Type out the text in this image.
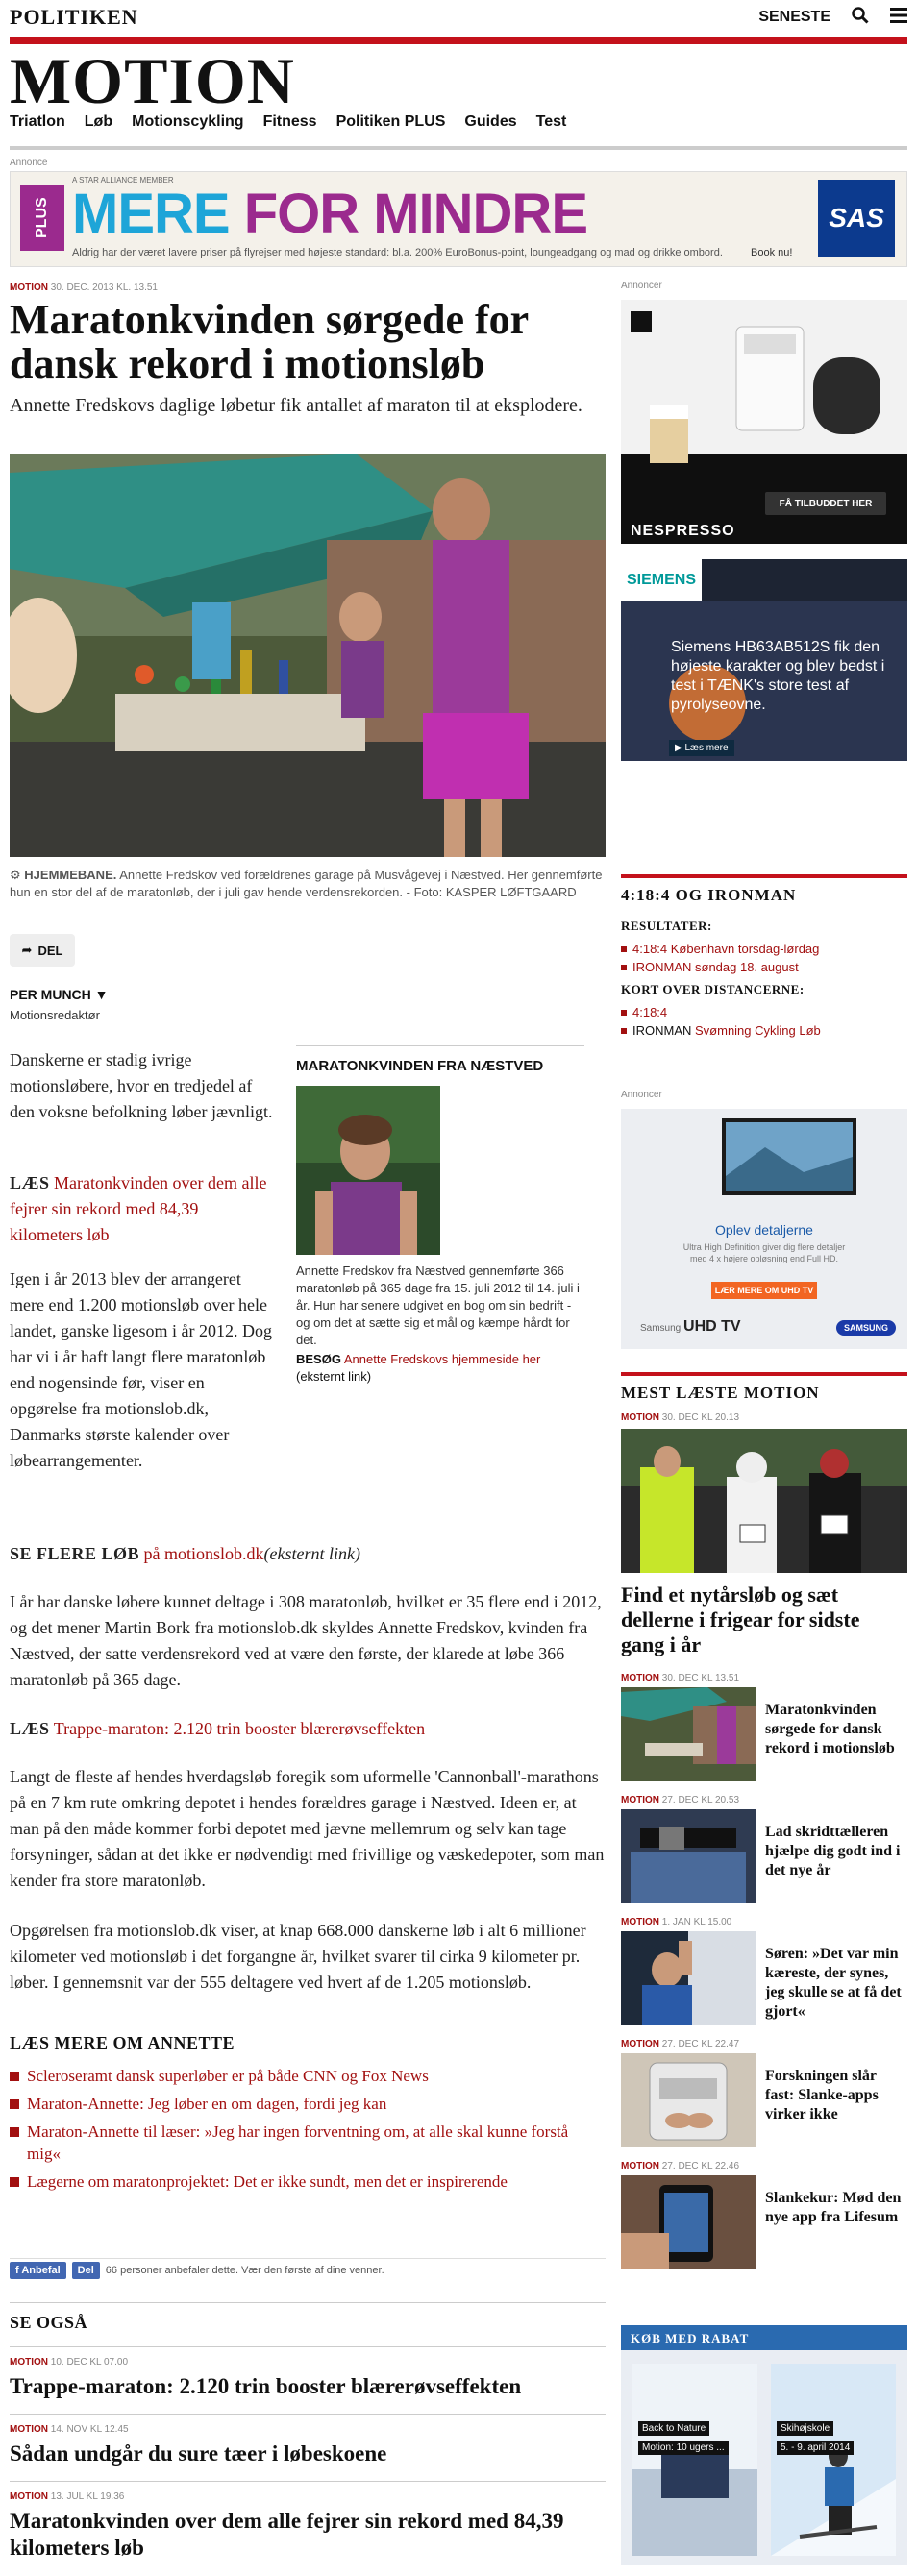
POLITIKEN	SENESTE
MOTION
Triatlon Løb Motionscykling Fitness Politiken PLUS Guides Test
Annonce
A STAR ALLIANCE MEMBER
PLUS MERE FOR MINDRE
Aldrig har der været lavere priser på flyrejser med højeste standard: bl.a. 200% EuroBonus-point, loungeadgang og mad og drikke ombord.	Book nu!
SAS
MOTION 30. DEC. 2013 KL. 13.51
Maratonkvinden sørgede for dansk rekord i motionsløb

Annette Fredskovs daglige løbetur fik antallet af maraton til at eksplodere.

⚙ HJEMMEBANE. Annette Fredskov ved forældrenes garage på Musvågevej i Næstved. Her gennemførte hun en stor del af de maratonløb, der i juli gav hende verdensrekorden. - Foto: KASPER LØFTGAARD
➦ DEL
PER MUNCH ▼
Motionsredaktør

Danskerne er stadig ivrige motionsløbere, hvor en tredjedel af den voksne befolkning løber jævnligt.

LÆS Maratonkvinden over dem alle fejrer sin rekord med 84,39 kilometers løb

Igen i år 2013 blev der arrangeret mere end 1.200 motionsløb over hele landet, ganske ligesom i år 2012. Dog har vi i år haft langt flere maratonløb end nogensinde før, viser en opgørelse fra motionslob.dk, Danmarks største kalender over løbearrangementer.

SE FLERE LØB på motionslob.dk(eksternt link)

I år har danske løbere kunnet deltage i 308 maratonløb, hvilket er 35 flere end i 2012, og det mener Martin Bork fra motionslob.dk skyldes Annette Fredskov, kvinden fra Næstved, der satte verdensrekord ved at være den første, der klarede at løbe 366 maratonløb på 365 dage.

LÆS Trappe-maraton: 2.120 trin booster blærerøvseffekten

Langt de fleste af hendes hverdagsløb foregik som uformelle 'Cannonball'-marathons på en 7 km rute omkring depotet i hendes forældres garage i Næstved. Ideen er, at man på den måde kommer forbi depotet med jævne mellemrum og selv kan tage forsyninger, sådan at det ikke er nødvendigt med frivillige og væskedepoter, som man kender fra store maratonløb.

Opgørelsen fra motionslob.dk viser, at knap 668.000 danskerne løb i alt 6 millioner kilometer ved motionsløb i det forgangne år, hvilket svarer til cirka 9 kilometer pr. løber. I gennemsnit var der 555 deltagere ved hvert af de 1.205 motionsløb.

MARATONKVINDEN FRA NÆSTVED
Annette Fredskov fra Næstved gennemførte 366 maratonløb på 365 dage fra 15. juli 2012 til 14. juli i år. Hun har senere udgivet en bog om sin bedrift - og om det at sætte sig et mål og kæmpe hårdt for det.
BESØG Annette Fredskovs hjemmeside her (eksternt link)
LÆS MERE OM ANNETTE
Scleroseramt dansk superløber er på både CNN og Fox News
Maraton-Annette: Jeg løber en om dagen, fordi jeg kan
Maraton-Annette til læser: »Jeg har ingen forventning om, at alle skal kunne forstå mig«
Lægerne om maratonprojektet: Det er ikke sundt, men det er inspirerende
f Anbefal	Del	66 personer anbefaler dette. Vær den første af dine venner.
SE OGSÅ
MOTION 10. DEC KL 07.00
Trappe-maraton: 2.120 trin booster blærerøvseffekten
MOTION 14. NOV KL 12.45
Sådan undgår du sure tæer i løbeskoene
MOTION 13. JUL KL 19.36
Maratonkvinden over dem alle fejrer sin rekord med 84,39 kilometers løb
Annoncer
FÅ TILBUDDET HER
NESPRESSO
SIEMENS
Siemens HB63AB512S fik den højeste karakter og blev bedst i test i TÆNK's store test af pyrolyseovne.
▶ Læs mere
4:18:4 OG IRONMAN
RESULTATER:
4:18:4 København torsdag-lørdag
IRONMAN søndag 18. august
KORT OVER DISTANCERNE:
4:18:4
IRONMAN Svømning Cykling Løb
Annoncer
Oplev detaljerne
Ultra High Definition giver dig flere detaljer med 4 x højere opløsning end Full HD.
LÆR MERE OM UHD TV
Samsung UHD TV	SAMSUNG
MEST LÆSTE MOTION
MOTION 30. DEC KL 20.13
Find et nytårsløb og sæt dellerne i frigear for sidste gang i år
MOTION 30. DEC KL 13.51
Maratonkvinden sørgede for dansk rekord i motionsløb
MOTION 27. DEC KL 20.53
Lad skridttælleren hjælpe dig godt ind i det nye år
MOTION 1. JAN KL 15.00
Søren: »Det var min kæreste, der synes, jeg skulle se at få det gjort«
MOTION 27. DEC KL 22.47
Forskningen slår fast: Slanke-apps virker ikke
MOTION 27. DEC KL 22.46
Slankekur: Mød den nye app fra Lifesum
KØB MED RABAT
Back to Nature
Motion: 10 ugers ...
Skihøjskole
5. - 9. april 2014
